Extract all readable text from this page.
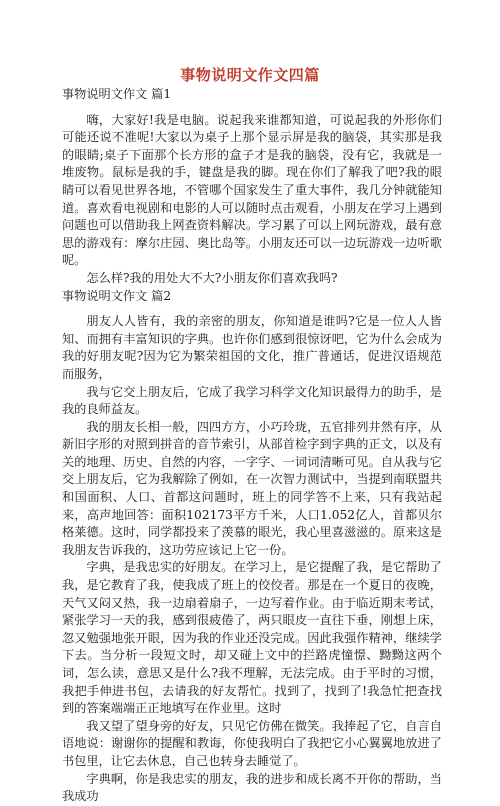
事物说明文作文四篇

事物说明文作文 篇1

嗨，大家好!我是电脑。说起我来谁都知道，可说起我的外形你们可能还说不准呢!大家以为桌子上那个显示屏是我的脑袋，其实那是我的眼睛;桌子下面那个长方形的盒子才是我的脑袋，没有它，我就是一堆废物。鼠标是我的手，键盘是我的脚。现在你们了解我了吧?我的眼睛可以看见世界各地，不管哪个国家发生了重大事件，我几分钟就能知道。喜欢看电视剧和电影的人可以随时点击观看，小朋友在学习上遇到问题也可以借助我上网查资料解决。学习累了可以上网玩游戏，最有意思的游戏有：摩尔庄园、奥比岛等。小朋友还可以一边玩游戏一边听歌呢。

怎么样?我的用处大不大?小朋友你们喜欢我吗?

事物说明文作文 篇2

朋友人人皆有，我的亲密的朋友，你知道是谁吗?它是一位人人皆知、而拥有丰富知识的字典。也许你们感到很惊讶吧，它为什么会成为我的好朋友呢?因为它为繁荣祖国的文化，推广普通话，促进汉语规范而服务，

我与它交上朋友后，它成了我学习科学文化知识最得力的助手，是我的良师益友。

我的朋友长相一般，四四方方，小巧玲珑，五官排列井然有序，从新旧字形的对照到拼音的音节索引，从部首检字到字典的正文，以及有关的地理、历史、自然的内容，一字字、一词词清晰可见。自从我与它交上朋友后，它为我解除了例如，在一次智力测试中，当提到南联盟共和国面积、人口、首都这问题时，班上的同学答不上来，只有我站起来，高声地回答：面积102173平方千米，人口1.052亿人，首都贝尔格莱德。这时，同学都投来了羡慕的眼光，我心里喜滋滋的。原来这是我朋友告诉我的，这功劳应该记上它一份。

字典，是我忠实的好朋友。在学习上，是它提醒了我，是它帮助了我，是它教育了我，使我成了班上的佼佼者。那是在一个夏日的夜晚，天气又闷又热，我一边扇着扇子，一边写着作业。由于临近期末考试，紧张学习一天的我，感到很疲倦了，两只眼皮一直往下垂，刚想上床，忽又勉强地张开眼，因为我的作业还没完成。因此我强作精神，继续学下去。当分析一段短文时，却又碰上文中的拦路虎憧憬、黝黝这两个词，怎么读，意思又是什么?我不理解，无法完成。由于平时的习惯，我把手伸进书包，去请我的好友帮忙。找到了，找到了!我急忙把查找到的答案端端正正地填写在作业里。这时

我又望了望身旁的好友，只见它仿佛在微笑。我捧起了它，自言自语地说：谢谢你的提醒和教诲，你使我明白了我把它小心翼翼地放进了书包里，让它去休息，自己也转身去睡觉了。

字典啊，你是我忠实的朋友，我的进步和成长离不开你的帮助，当我成功
